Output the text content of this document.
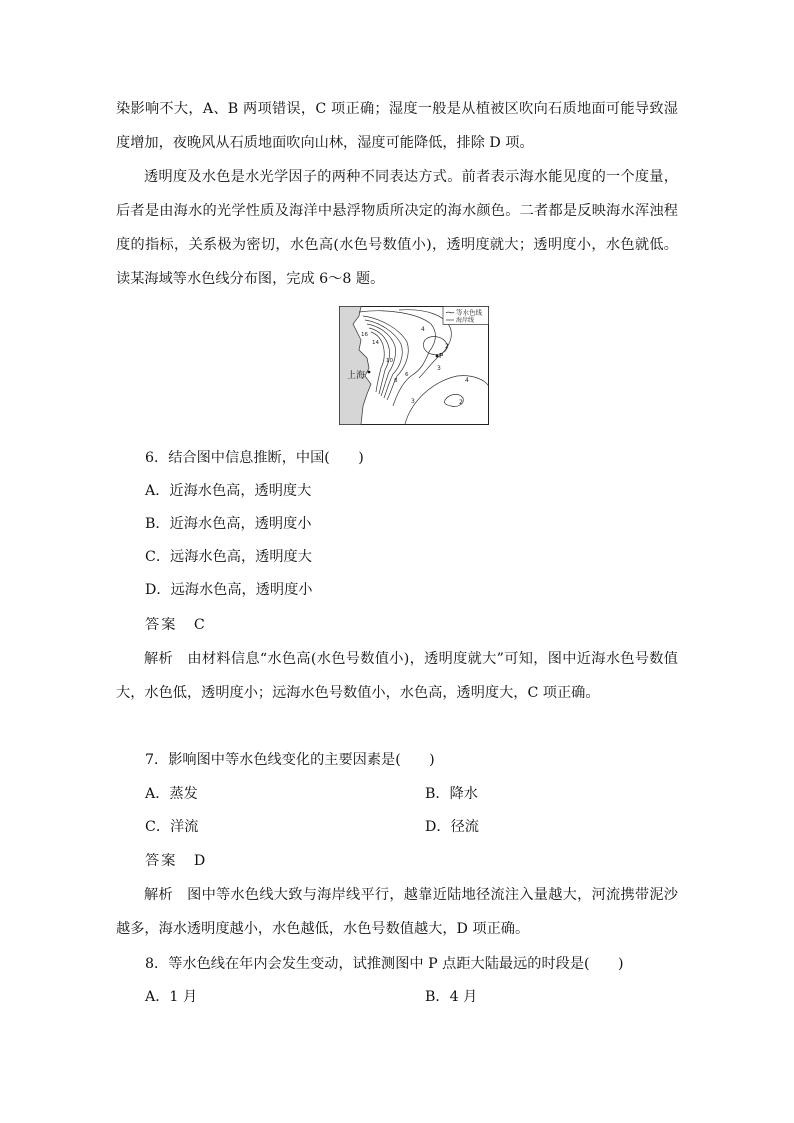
染影响不大，A、B 两项错误，C 项正确；湿度一般是从植被区吹向石质地面可能导致湿度增加，夜晚风从石质地面吹向山林，湿度可能降低，排除 D 项。

透明度及水色是水光学因子的两种不同表达方式。前者表示海水能见度的一个度量，后者是由海水的光学性质及海洋中悬浮物质所决定的海水颜色。二者都是反映海水浑浊程度的指标，关系极为密切，水色高(水色号数值小)，透明度就大；透明度小，水色就低。读某海域等水色线分布图，完成 6～8 题。

等水色线
海岸线
上海
P
4
2
3
6
8
10
14
16
3	2
4
6．结合图中信息推断，中国(　　)
A．近海水色高，透明度大
B．近海水色高，透明度小
C．远海水色高，透明度大
D．远海水色高，透明度小
答案 C

解析 由材料信息“水色高(水色号数值小)，透明度就大”可知，图中近海水色号数值大，水色低，透明度小；远海水色号数值小，水色高，透明度大，C 项正确。

7．影响图中等水色线变化的主要因素是(　　)
A．蒸发	B．降水
C．洋流	D．径流
答案 D

解析 图中等水色线大致与海岸线平行，越靠近陆地径流注入量越大，河流携带泥沙越多，海水透明度越小，水色越低，水色号数值越大，D 项正确。

8．等水色线在年内会发生变动，试推测图中 P 点距大陆最远的时段是(　　)
A．1 月	B．4 月
